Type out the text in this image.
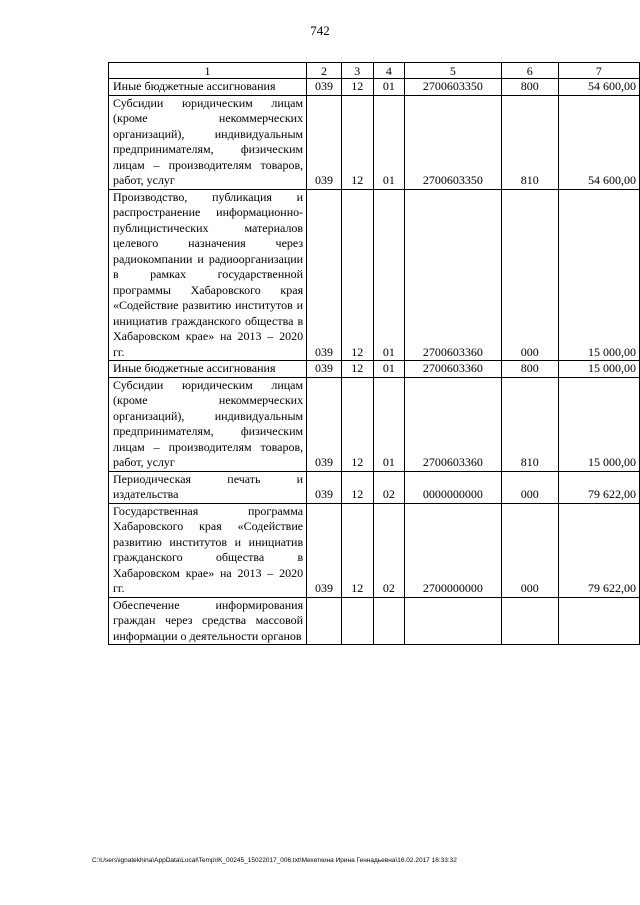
742
1	2	3	4	5	6	7
Иные бюджетные ассигнования	039	12	01	2700603350	800	54 600,00
Субсидии юридическим лицам (кроме некоммерческих организаций), индивидуальным предпринимателям, физическим лицам – производителям товаров, работ, услуг	039	12	01	2700603350	810	54 600,00
Производство, публикация и распространение информационно-публицистических материалов целевого назначения через радиокомпании и радиоорганизации в рамках государственной программы Хабаровского края «Содействие развитию институтов и инициатив гражданского общества в Хабаровском крае» на 2013 – 2020 гг.	039	12	01	2700603360	000	15 000,00
Иные бюджетные ассигнования	039	12	01	2700603360	800	15 000,00
Субсидии юридическим лицам (кроме некоммерческих организаций), индивидуальным предпринимателям, физическим лицам – производителям товаров, работ, услуг	039	12	01	2700603360	810	15 000,00
Периодическая печать и издательства	039	12	02	0000000000	000	79 622,00
Государственная программа Хабаровского края «Содействие развитию институтов и инициатив гражданского общества в Хабаровском крае» на 2013 – 2020 гг.	039	12	02	2700000000	000	79 622,00
Обеспечение информирования граждан через средства массовой информации о деятельности органов						
C:\Users\ignatekhina\AppData\Local\Temp\IK_00245_15022017_006.txt\Мехеткина Ирина Геннадьевна\16.02.2017 16:33:32
